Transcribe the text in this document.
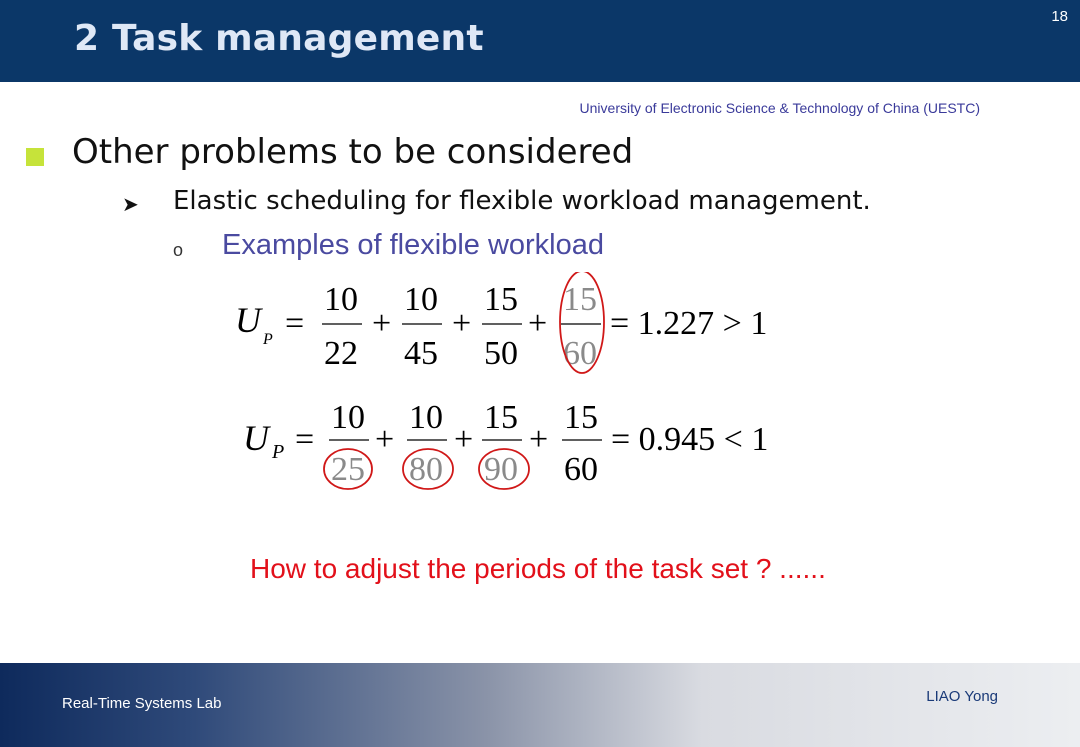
2 Task management
18
University of Electronic Science & Technology of China (UESTC)
Other problems to be considered
➤ Elastic scheduling for flexible workload management.
o Examples of flexible workload
U P =
10
22
+
10
45
+
15
50
+
15
60
= 1.227 > 1
U P =
10
25
+
10
80
+
15
90
+
15
60
= 0.945 < 1
How to adjust the periods of the task set ? ......
Real-Time Systems Lab	LIAO Yong
